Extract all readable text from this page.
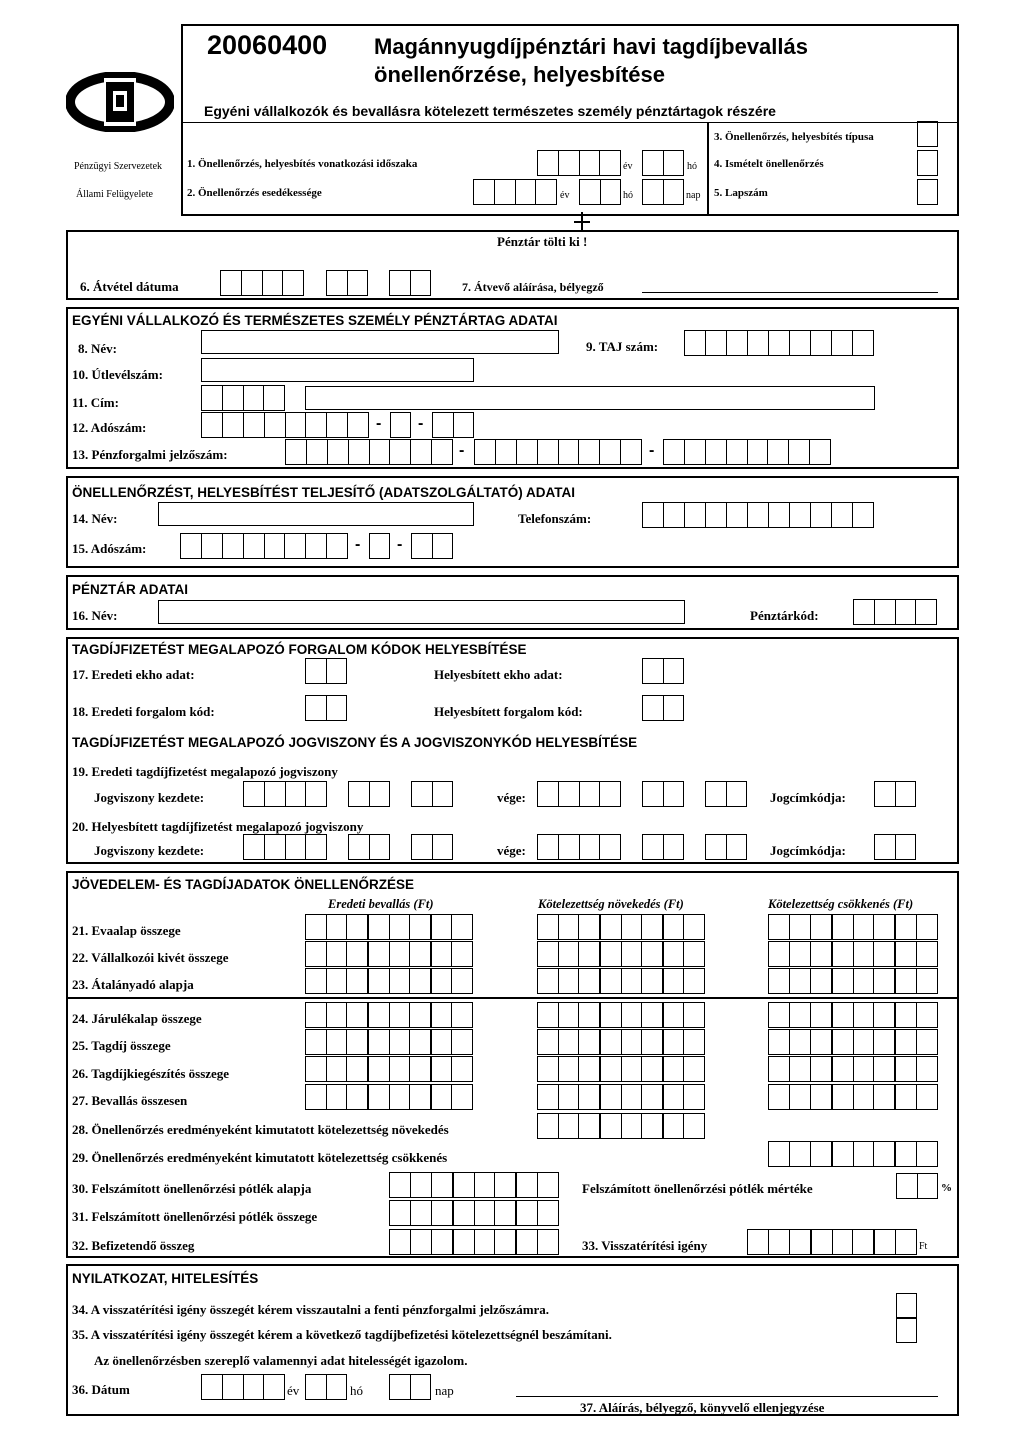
Pénzügyi Szervezetek
Állami Felügyelete
20060400 Magánnyugdíjpénztári havi tagdíjbevallás
önellenőrzése, helyesbítése
Egyéni vállalkozók és bevallásra kötelezett természetes személy pénztártagok részére
1. Önellenőrzés, helyesbítés vonatkozási időszaka	év	hó
2. Önellenőrzés esedékessége	év	hó	nap
3. Önellenőrzés, helyesbítés típusa
4. Ismételt önellenőrzés
5. Lapszám
Pénztár tölti ki !
6. Átvétel dátuma	7. Átvevő aláírása, bélyegző
EGYÉNI VÁLLALKOZÓ ÉS TERMÉSZETES SZEMÉLY PÉNZTÁRTAG ADATAI
8. Név:	9. TAJ szám:
10. Útlevélszám:
11. Cím:
12. Adószám:	- -
13. Pénzforgalmi jelzőszám:	-	-
ÖNELLENŐRZÉST, HELYESBÍTÉST TELJESÍTŐ (ADATSZOLGÁLTATÓ) ADATAI
14. Név:	Telefonszám:
15. Adószám:	- -
PÉNZTÁR ADATAI
16. Név:	Pénztárkód:
TAGDÍJFIZETÉST MEGALAPOZÓ FORGALOM KÓDOK HELYESBÍTÉSE
17. Eredeti ekho adat:	Helyesbített ekho adat:
18. Eredeti forgalom kód:	Helyesbített forgalom kód:
TAGDÍJFIZETÉST MEGALAPOZÓ JOGVISZONY ÉS A JOGVISZONYKÓD HELYESBÍTÉSE
19. Eredeti tagdíjfizetést megalapozó jogviszony
Jogviszony kezdete:	vége:	Jogcímkódja:
20. Helyesbített tagdíjfizetést megalapozó jogviszony
Jogviszony kezdete:	vége:	Jogcímkódja:
JÖVEDELEM- ÉS TAGDÍJADATOK ÖNELLENŐRZÉSE
Eredeti bevallás (Ft)	Kötelezettség növekedés (Ft)	Kötelezettség csökkenés (Ft)
21. Evaalap összege
22. Vállalkozói kivét összege
23. Átalányadó alapja
24. Járulékalap összege
25. Tagdíj összege
26. Tagdíjkiegészítés összege
27. Bevallás összesen
28. Önellenőrzés eredményeként kimutatott kötelezettség növekedés
29. Önellenőrzés eredményeként kimutatott kötelezettség csökkenés
30. Felszámított önellenőrzési pótlék alapja	Felszámított önellenőrzési pótlék mértéke	%
31. Felszámított önellenőrzési pótlék összege
32. Befizetendő összeg	33. Visszatérítési igény	Ft
NYILATKOZAT, HITELESÍTÉS
34. A visszatérítési igény összegét kérem visszautalni a fenti pénzforgalmi jelzőszámra.
35. A visszatérítési igény összegét kérem a következő tagdíjbefizetési kötelezettségnél beszámítani.
Az önellenőrzésben szereplő valamennyi adat hitelességét igazolom.
36. Dátum	év	hó	nap
37. Aláírás, bélyegző, könyvelő ellenjegyzése
